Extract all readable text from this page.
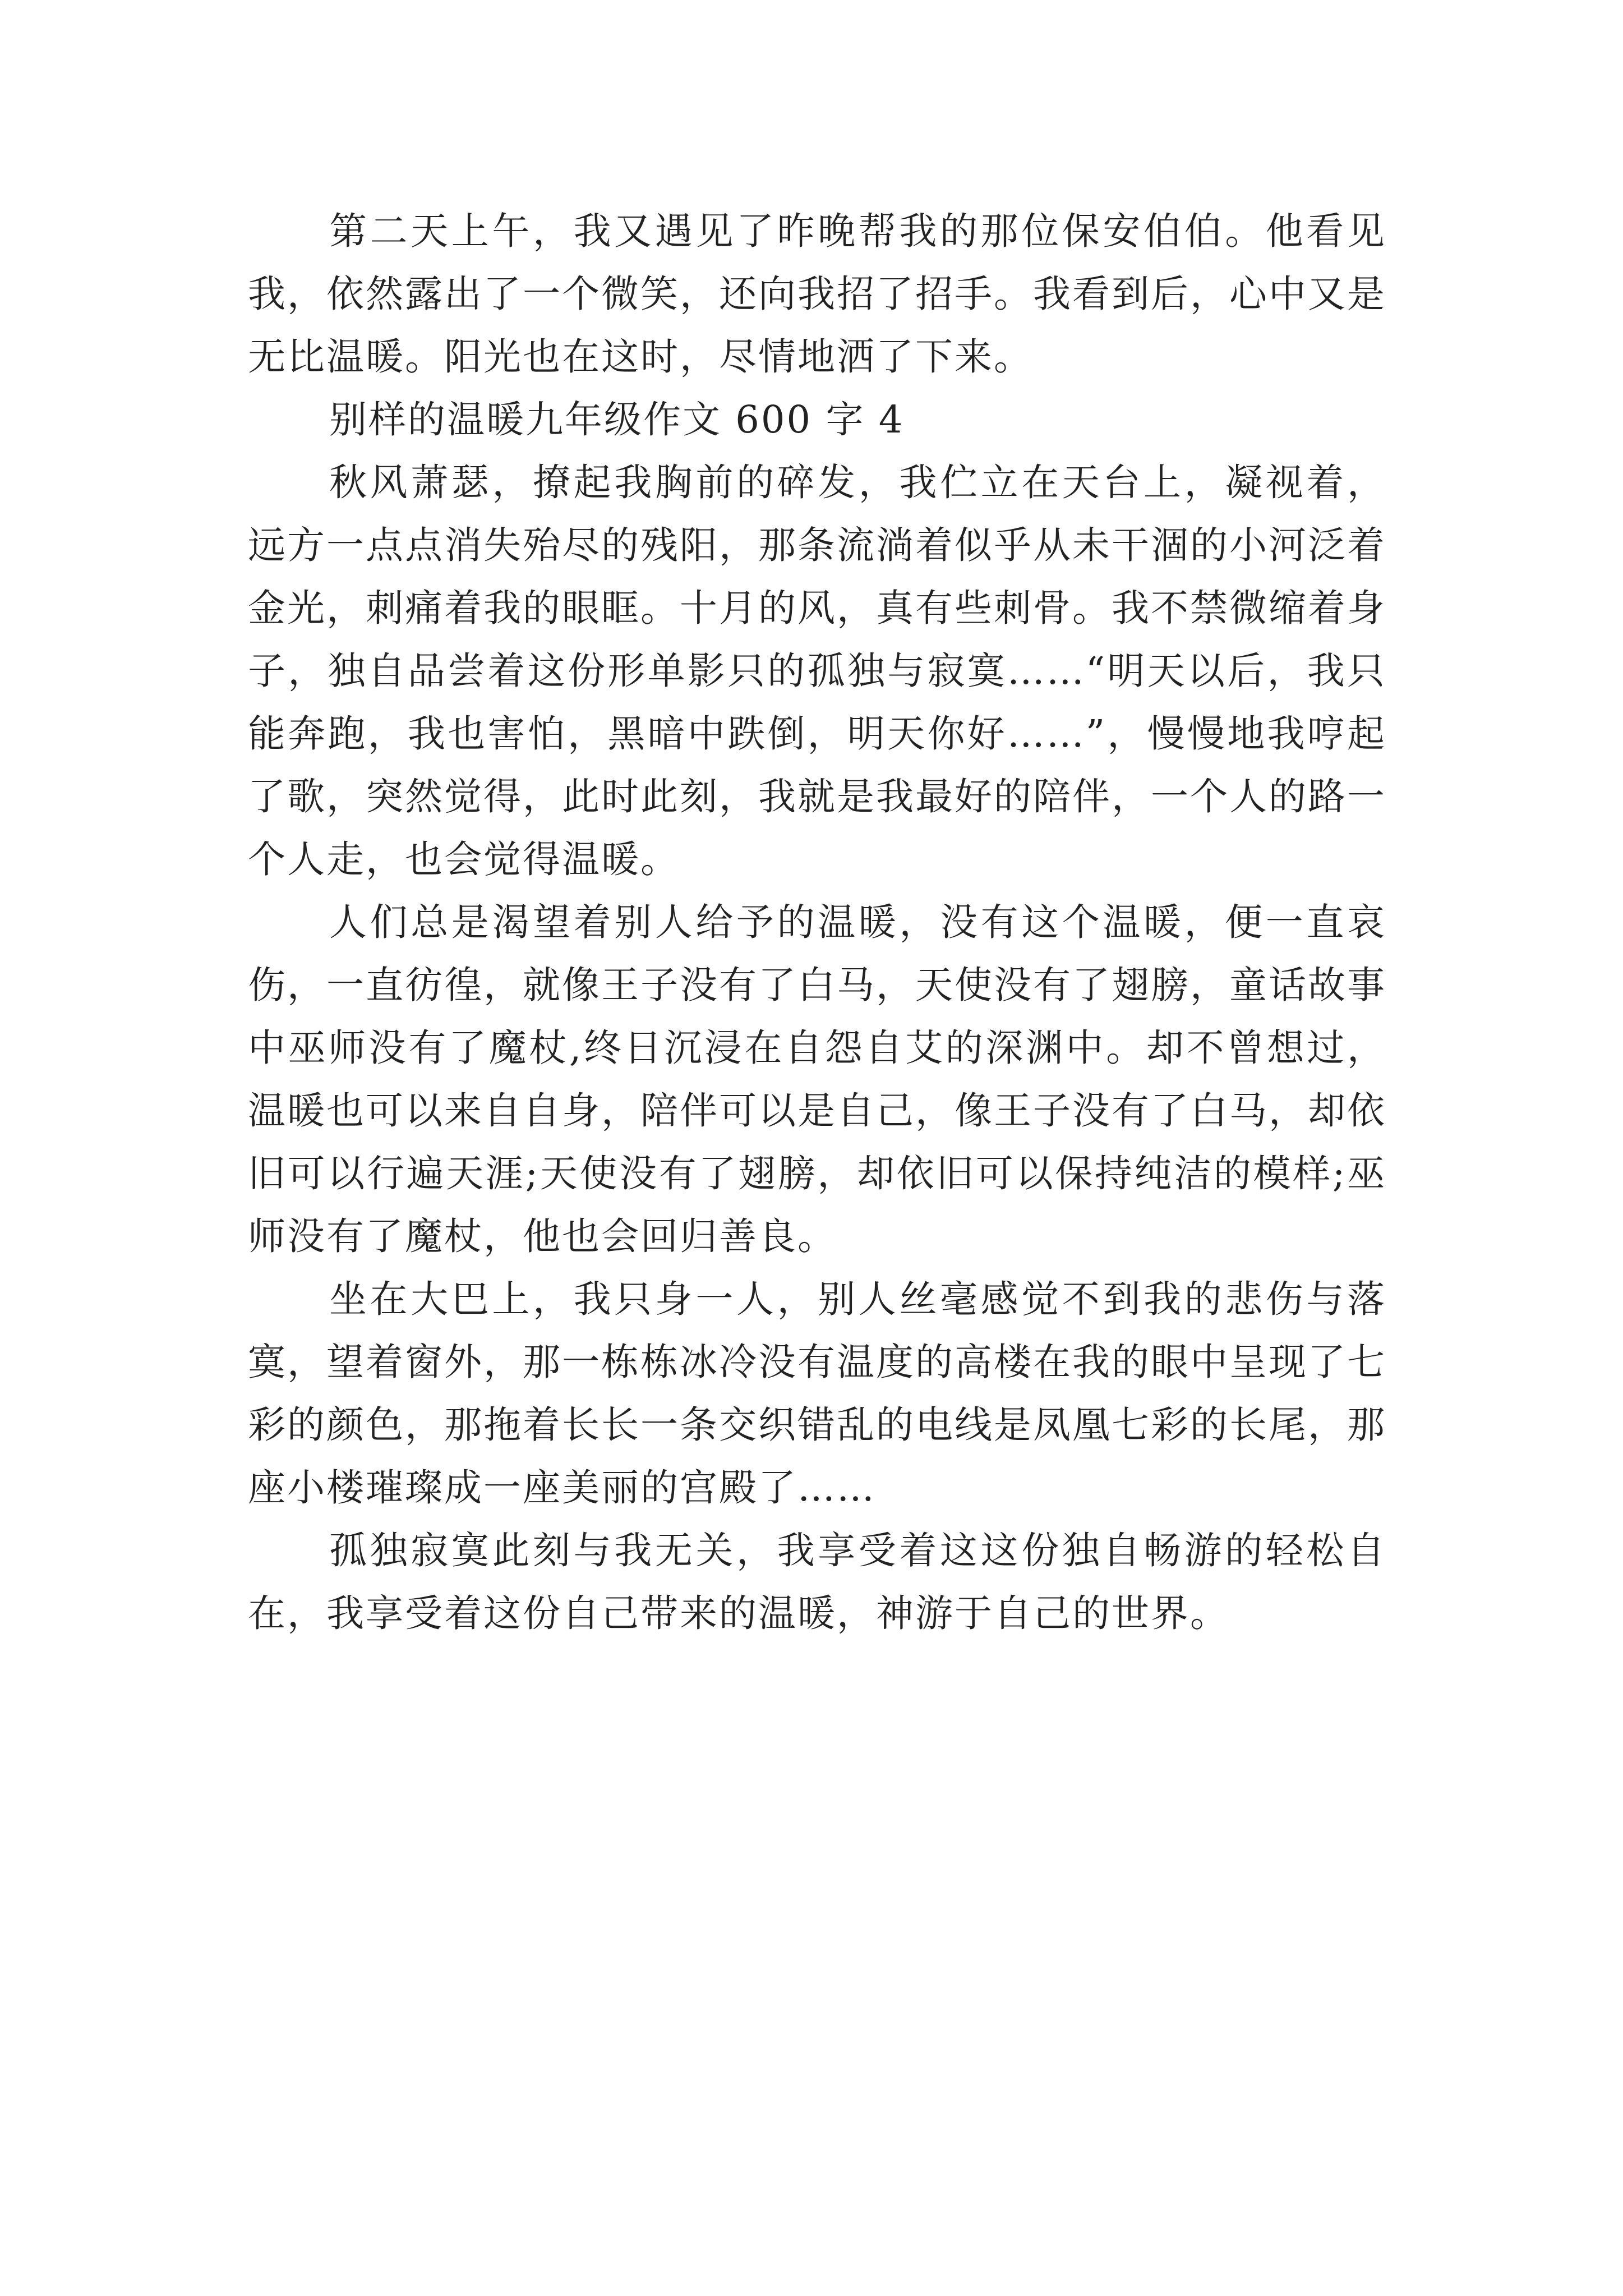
第二天上午，我又遇见了昨晚帮我的那位保安伯伯。他看见我，依然露出了一个微笑，还向我招了招手。我看到后，心中又是无比温暖。阳光也在这时，尽情地洒了下来。

别样的温暖九年级作文 600 字 4

秋风萧瑟，撩起我胸前的碎发，我伫立在天台上，凝视着，远方一点点消失殆尽的残阳，那条流淌着似乎从未干涸的小河泛着金光，刺痛着我的眼眶。十月的风，真有些刺骨。我不禁微缩着身子，独自品尝着这份形单影只的孤独与寂寞……“明天以后，我只能奔跑，我也害怕，黑暗中跌倒，明天你好……”，慢慢地我哼起了歌，突然觉得，此时此刻，我就是我最好的陪伴，一个人的路一个人走，也会觉得温暖。

人们总是渴望着别人给予的温暖，没有这个温暖，便一直哀伤，一直彷徨，就像王子没有了白马，天使没有了翅膀，童话故事中巫师没有了魔杖,终日沉浸在自怨自艾的深渊中。却不曾想过，温暖也可以来自自身，陪伴可以是自己，像王子没有了白马，却依旧可以行遍天涯;天使没有了翅膀，却依旧可以保持纯洁的模样;巫师没有了魔杖，他也会回归善良。

坐在大巴上，我只身一人，别人丝毫感觉不到我的悲伤与落寞，望着窗外，那一栋栋冰冷没有温度的高楼在我的眼中呈现了七彩的颜色，那拖着长长一条交织错乱的电线是凤凰七彩的长尾，那座小楼璀璨成一座美丽的宫殿了……

孤独寂寞此刻与我无关，我享受着这这份独自畅游的轻松自在，我享受着这份自己带来的温暖，神游于自己的世界。
